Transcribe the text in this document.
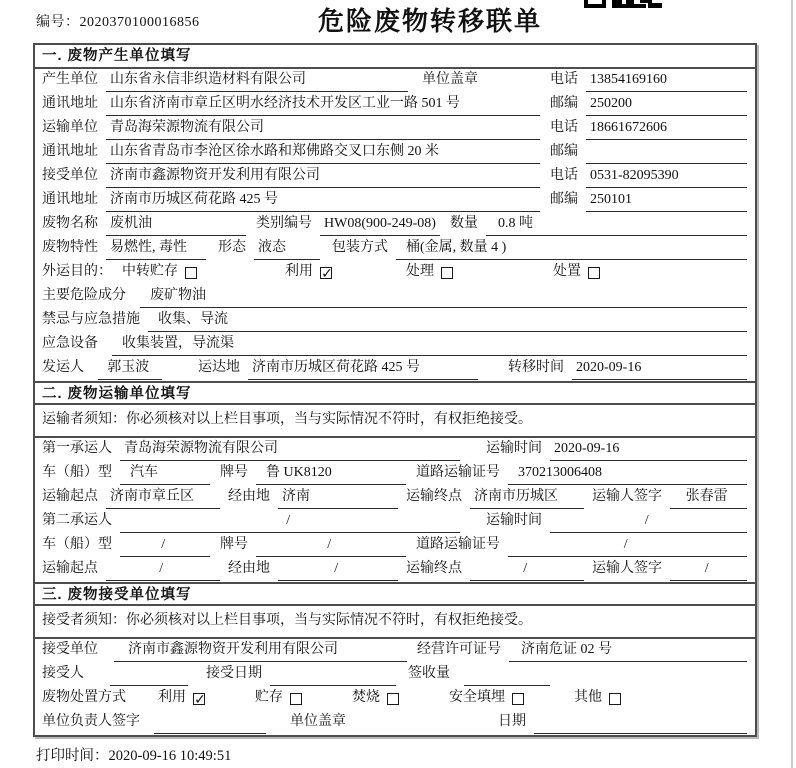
编号：2020370100016856	危险废物转移联单
一. 废物产生单位填写
产生单位 山东省永信非织造材料有限公司	单位盖章	电话 13854169160
通讯地址 山东省济南市章丘区明水经济技术开发区工业一路 501 号	邮编 250200
运输单位 青岛海荣源物流有限公司	电话 18661672606
通讯地址 山东省青岛市李沧区徐水路和郑佛路交叉口东侧 20 米	邮编
接受单位 济南市鑫源物资开发利用有限公司	电话 0531-82095390
通讯地址 济南市历城区荷花路 425 号	邮编 250101
废物名称 废机油	类别编号 HW08(900-249-08) 数量	0.8 吨
废物特性 易燃性, 毒性	形态 液态	包装方式	桶(金属, 数量 4 )
外运目的： 中转贮存	利用 ✓	处理	处置
主要危险成分	废矿物油
禁忌与应急措施	收集、导流
应急设备	收集装置，导流渠
发运人	郭玉波	运达地 济南市历城区荷花路 425 号	转移时间 2020-09-16
二. 废物运输单位填写
运输者须知：你必须核对以上栏目事项，当与实际情况不符时，有权拒绝接受。
第一承运人 青岛海荣源物流有限公司	运输时间 2020-09-16
车（船）型	汽车	牌号	鲁 UK8120	道路运输证号	370213006408
运输起点 济南市章丘区	经由地 济南	运输终点 济南市历城区	运输人签字	张春雷
第二承运人	/	运输时间	/
车（船）型	/	牌号	/	道路运输证号	/
运输起点	/	经由地	/	运输终点	/	运输人签字	/
三. 废物接受单位填写
接受者须知：你必须核对以上栏目事项，当与实际情况不符时，有权拒绝接受。
接受单位	济南市鑫源物资开发利用有限公司	经营许可证号	济南危证 02 号
接受人	接受日期	签收量
废物处置方式 利用 ✓	贮存	焚烧	安全填埋	其他
单位负责人签字	单位盖章	日期
打印时间：2020-09-16 10:49:51
